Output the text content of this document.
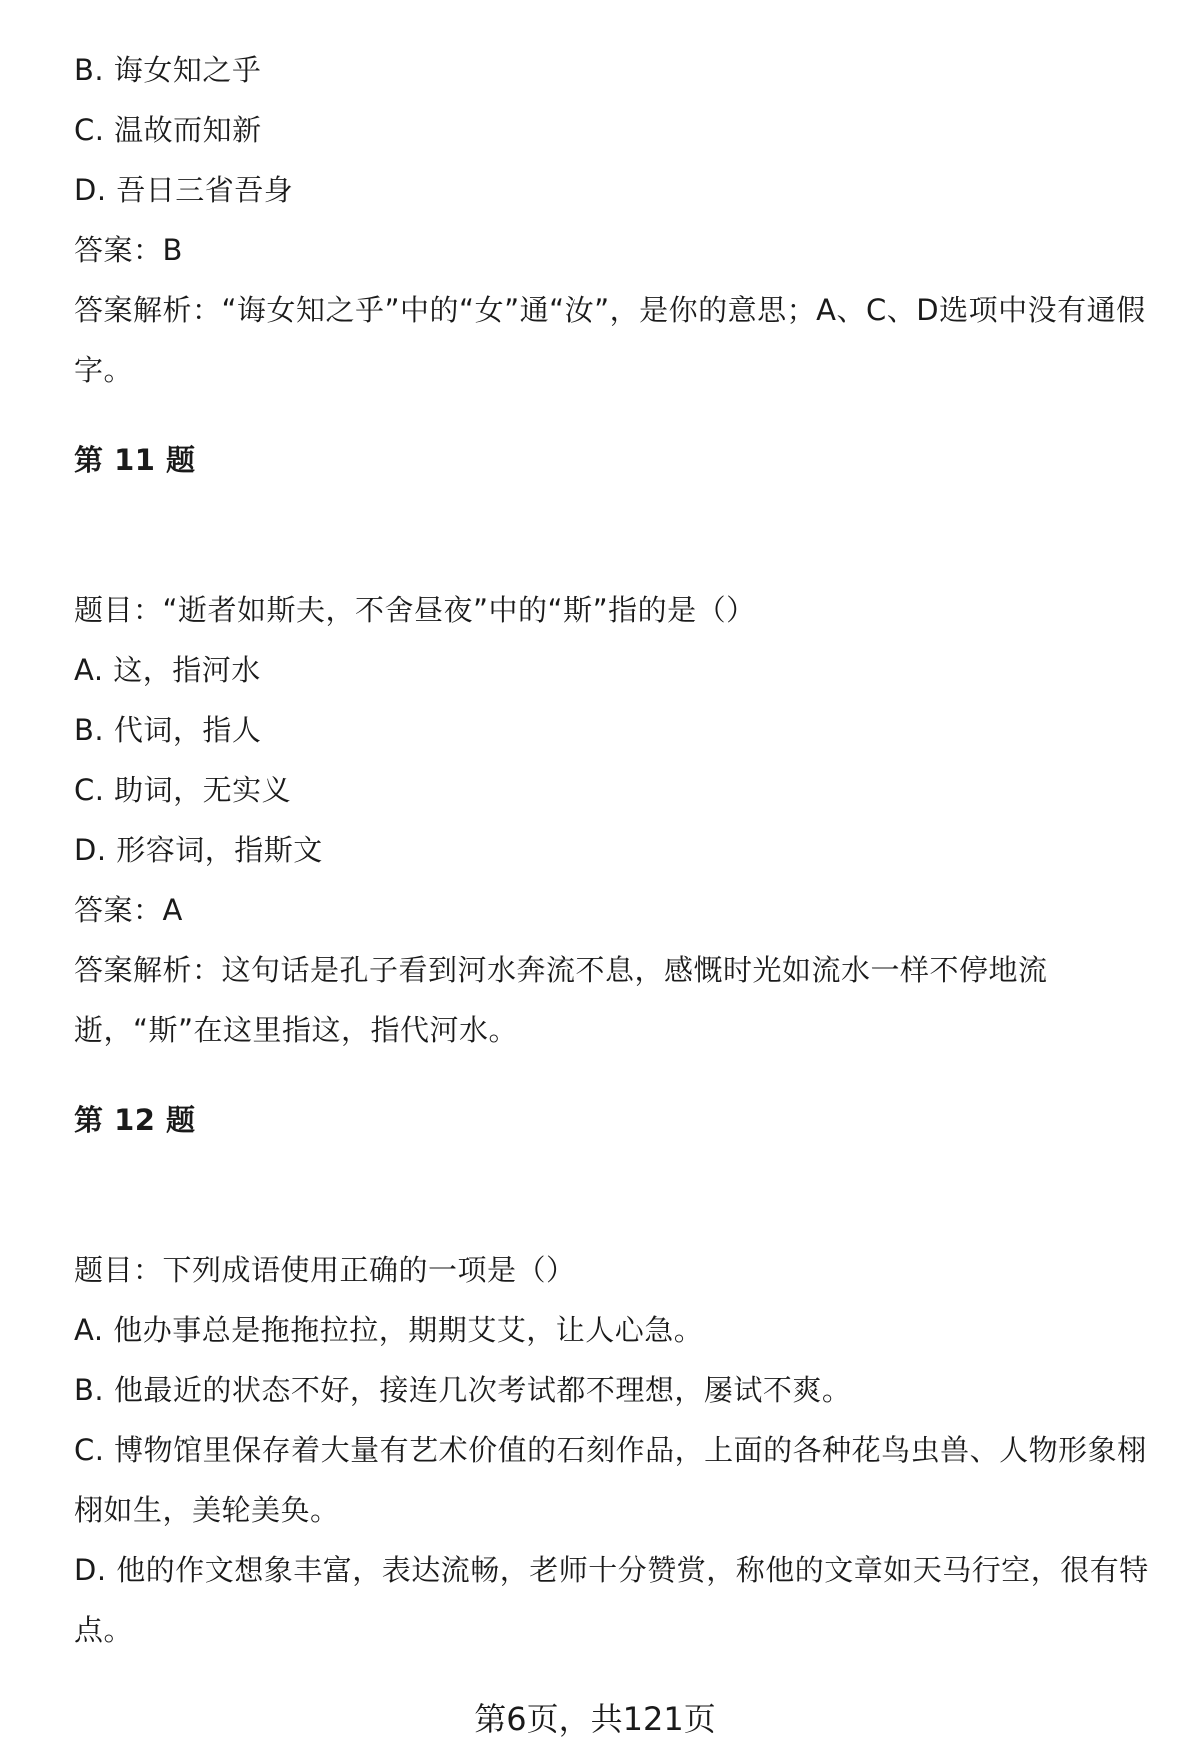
B. 诲女知之乎
C. 温故而知新
D. 吾日三省吾身
答案：B
答案解析：“诲女知之乎”中的“女”通“汝”，是你的意思；A、C、D选项中没有通假
字。
第 11 题
题目：“逝者如斯夫，不舍昼夜”中的“斯”指的是（）
A. 这，指河水
B. 代词，指人
C. 助词，无实义
D. 形容词，指斯文
答案：A
答案解析：这句话是孔子看到河水奔流不息，感慨时光如流水一样不停地流
逝，“斯”在这里指这，指代河水。
第 12 题
题目：下列成语使用正确的一项是（）
A. 他办事总是拖拖拉拉，期期艾艾，让人心急。
B. 他最近的状态不好，接连几次考试都不理想，屡试不爽。
C. 博物馆里保存着大量有艺术价值的石刻作品，上面的各种花鸟虫兽、人物形象栩
栩如生，美轮美奂。
D. 他的作文想象丰富，表达流畅，老师十分赞赏，称他的文章如天马行空，很有特
点。
第6页，共121页
